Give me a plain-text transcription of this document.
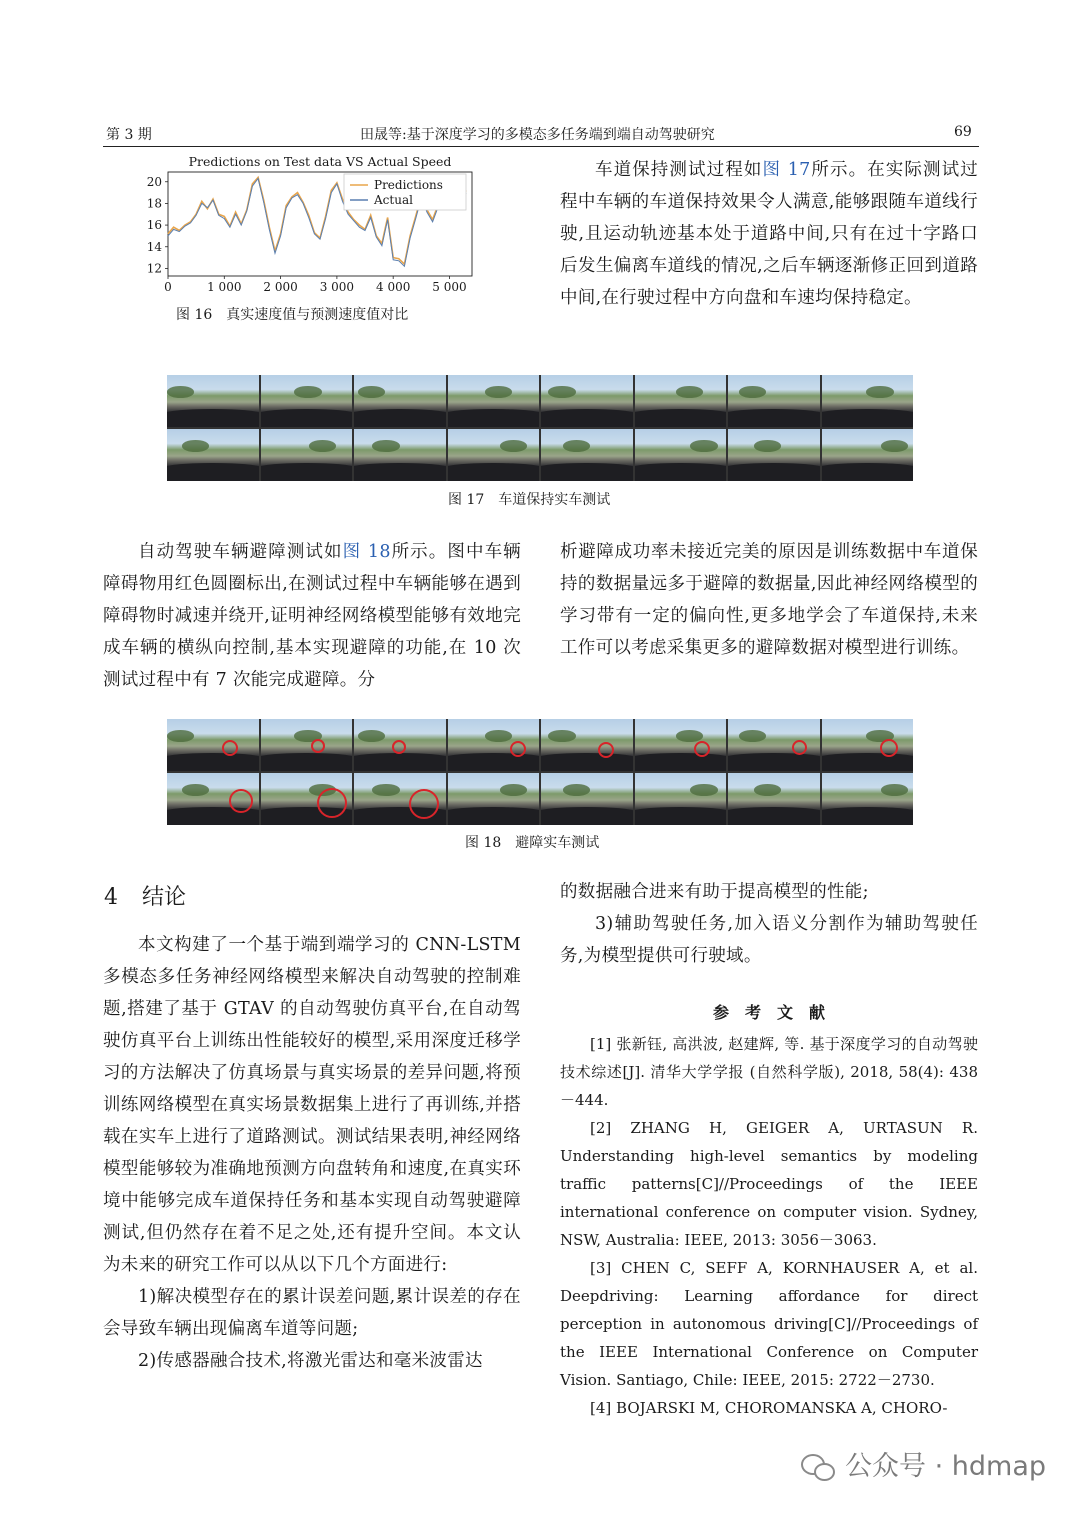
第 3 期	田晟等:基于深度学习的多模态多任务端到端自动驾驶研究	69
Predictions on Test data VS Actual Speed
0	1 000 2 000 3 000 4 000 5 000
12
14
16
18
20	Predictions
Actual
图 16　真实速度值与预测速度值对比

车道保持测试过程如图 17所示。在实际测试过程中车辆的车道保持效果令人满意,能够跟随车道线行驶,且运动轨迹基本处于道路中间,只有在过十字路口后发生偏离车道线的情况,之后车辆逐渐修正回到道路中间,在行驶过程中方向盘和车速均保持稳定。

图 17　车道保持实车测试

自动驾驶车辆避障测试如图 18所示。图中车辆障碍物用红色圆圈标出,在测试过程中车辆能够在遇到障碍物时减速并绕开,证明神经网络模型能够有效地完成车辆的横纵向控制,基本实现避障的功能,在 10 次测试过程中有 7 次能完成避障。分

析避障成功率未接近完美的原因是训练数据中车道保持的数据量远多于避障的数据量,因此神经网络模型的学习带有一定的偏向性,更多地学会了车道保持,未来工作可以考虑采集更多的避障数据对模型进行训练。

图 18　避障实车测试
4 结论

本文构建了一个基于端到端学习的 CNN-LSTM 多模态多任务神经网络模型来解决自动驾驶的控制难题,搭建了基于 GTAV 的自动驾驶仿真平台,在自动驾驶仿真平台上训练出性能较好的模型,采用深度迁移学习的方法解决了仿真场景与真实场景的差异问题,将预训练网络模型在真实场景数据集上进行了再训练,并搭载在实车上进行了道路测试。测试结果表明,神经网络模型能够较为准确地预测方向盘转角和速度,在真实环境中能够完成车道保持任务和基本实现自动驾驶避障测试,但仍然存在着不足之处,还有提升空间。本文认为未来的研究工作可以从以下几个方面进行:

1)解决模型存在的累计误差问题,累计误差的存在会导致车辆出现偏离车道等问题;

2)传感器融合技术,将激光雷达和毫米波雷达

的数据融合进来有助于提高模型的性能;

3)辅助驾驶任务,加入语义分割作为辅助驾驶任务,为模型提供可行驶域。

参　考　文　献

[1] 张新钰, 高洪波, 赵建辉, 等. 基于深度学习的自动驾驶技术综述[J]. 清华大学学报 (自然科学版), 2018, 58(4): 438－444.

[2] ZHANG H, GEIGER A, URTASUN R. Understanding high-level semantics by modeling traffic patterns[C]//Proceedings of the IEEE international conference on computer vision. Sydney, NSW, Australia: IEEE, 2013: 3056－3063.

[3] CHEN C, SEFF A, KORNHAUSER A, et al. Deepdriving: Learning affordance for direct perception in autonomous driving[C]//Proceedings of the IEEE International Conference on Computer Vision. Santiago, Chile: IEEE, 2015: 2722－2730.

[4] BOJARSKI M, CHOROMANSKA A, CHORO-

公众号 · hdmap
